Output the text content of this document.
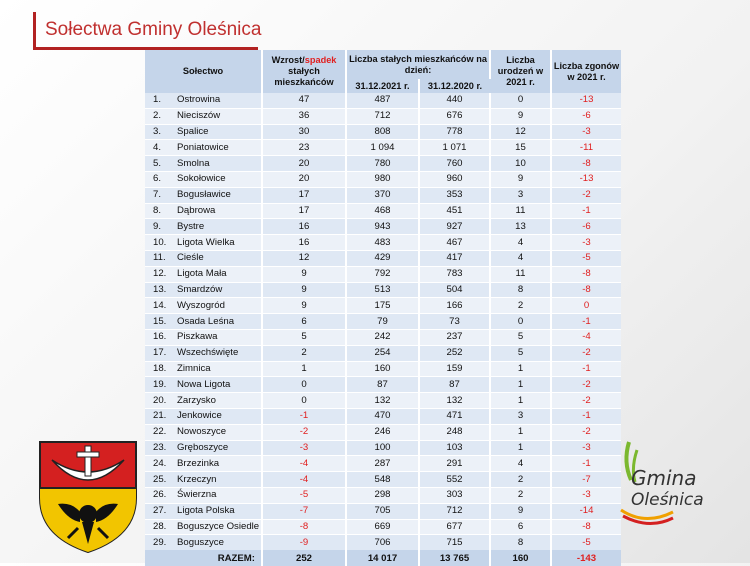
Sołectwa Gminy Oleśnica
Sołectwo	Wzrost/spadek
stałych mieszkańców	Liczba stałych mieszkańców na dzień:		Liczba urodzeń w 2021 r.	Liczba zgonów w 2021 r.
		31.12.2021 r.	31.12.2020 r.		
1. Ostrowina	47	487	440	0	-13
2. Nieciszów	36	712	676	9	-6
3. Spalice	30	808	778	12	-3
4. Poniatowice	23	1 094	1 071	15	-11
5. Smolna	20	780	760	10	-8
6. Sokołowice	20	980	960	9	-13
7. Bogusławice	17	370	353	3	-2
8. Dąbrowa	17	468	451	11	-1
9. Bystre	16	943	927	13	-6
10. Ligota Wielka	16	483	467	4	-3
11. Cieśle	12	429	417	4	-5
12. Ligota Mała	9	792	783	11	-8
13. Smardzów	9	513	504	8	-8
14. Wyszogród	9	175	166	2	0
15. Osada Leśna	6	79	73	0	-1
16. Piszkawa	5	242	237	5	-4
17. Wszechświęte	2	254	252	5	-2
18. Zimnica	1	160	159	1	-1
19. Nowa Ligota	0	87	87	1	-2
20. Zarzysko	0	132	132	1	-2
21. Jenkowice	-1	470	471	3	-1
22. Nowoszyce	-2	246	248	1	-2
23. Gręboszyce	-3	100	103	1	-3
24. Brzezinka	-4	287	291	4	-1
25. Krzeczyn	-4	548	552	2	-7
26. Świerzna	-5	298	303	2	-3
27. Ligota Polska	-7	705	712	9	-14
28. Boguszyce Osiedle	-8	669	677	6	-8
29. Boguszyce	-9	706	715	8	-5
RAZEM:	252	14 017	13 765	160	-143
Gmina
Oleśnica
